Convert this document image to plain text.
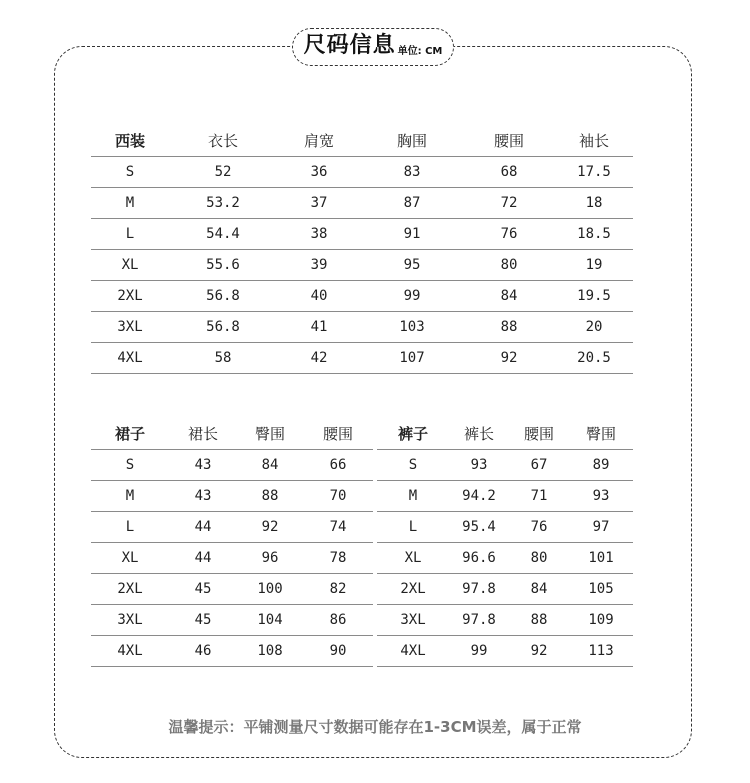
尺码信息 单位: CM
西装	衣长	肩宽	胸围	腰围	袖长
S	52	36	83	68	17.5
M	53.2	37	87	72	18
L	54.4	38	91	76	18.5
XL	55.6	39	95	80	19
2XL	56.8	40	99	84	19.5
3XL	56.8	41	103	88	20
4XL	58	42	107	92	20.5
裙子	裙长	臀围	腰围
S	43	84	66
M	43	88	70
L	44	92	74
XL	44	96	78
2XL	45	100	82
3XL	45	104	86
4XL	46	108	90
裤子	裤长	腰围	臀围
S	93	67	89
M	94.2	71	93
L	95.4	76	97
XL	96.6	80	101
2XL	97.8	84	105
3XL	97.8	88	109
4XL	99	92	113
温馨提示：平铺测量尺寸数据可能存在1-3CM误差，属于正常
